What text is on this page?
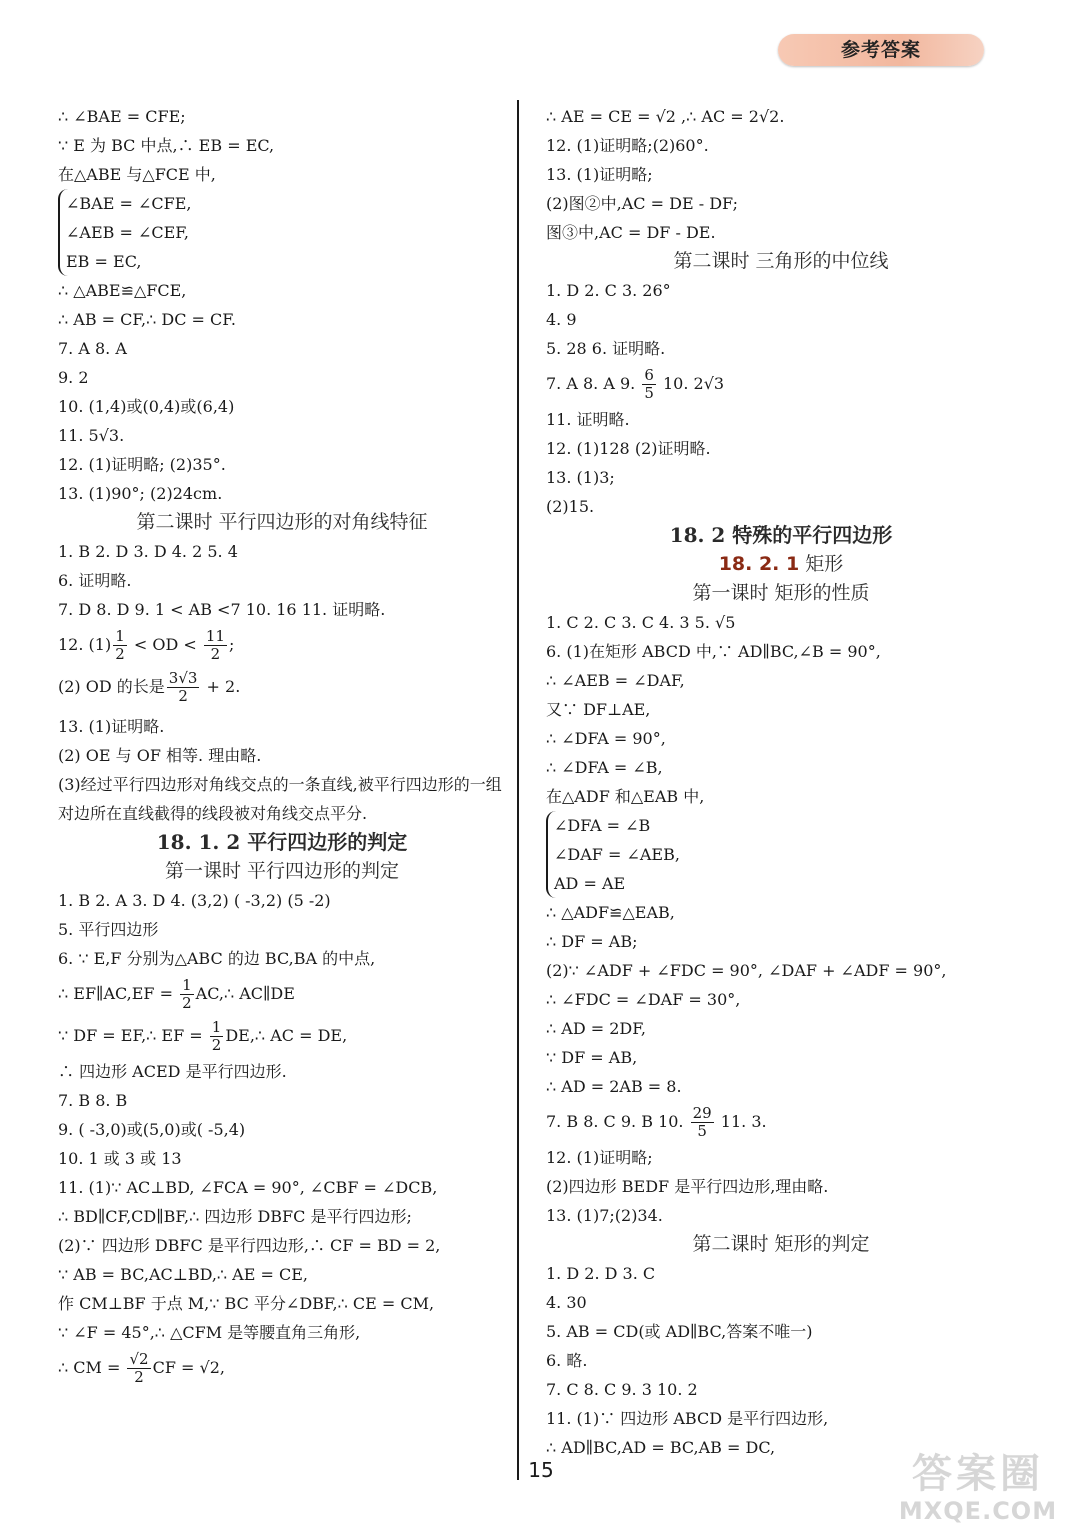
参考答案
∴ ∠BAE = CFE;
∵ E 为 BC 中点,∴ EB = EC,
在△ABE 与△FCE 中,
∠BAE = ∠CFE,
∠AEB = ∠CEF,
EB = EC,
∴ △ABE≌△FCE,
∴ AB = CF,∴ DC = CF.
7. A 8. A
9. 2
10. (1,4)或(0,4)或(6,4)
11. 5√3.
12. (1)证明略; (2)35°.
13. (1)90°; (2)24cm.
第二课时 平行四边形的对角线特征
1. B 2. D 3. D 4. 2 5. 4
6. 证明略.
7. D 8. D 9. 1 < AB <7 10. 16 11. 证明略.
12. $(1) \frac{1}{2}$ < OD < $\frac{11}{2}$ ;
(2) OD 的长是 $\frac{3√3}{2} + 2$.
13. (1)证明略.
(2) OE 与 OF 相等. 理由略.
(3)经过平行四边形对角线交点的一条直线,被平行四边形的一组对边所在直线截得的线段被对角线交点平分.
18. 1. 2 平行四边形的判定
第一课时 平行四边形的判定
1. B 2. A 3. D 4. (3,2) ( -3,2) (5 -2)
5. 平行四边形
6. ∵ E,F 分别为△ABC 的边 BC,BA 的中点,
∴ EF∥AC,EF = $\frac{1}{2}$ AC,∴ AC∥DE
∵ DF = EF,∴ EF = $\frac{1}{2}$ DE,∴ AC = DE,
∴ 四边形 ACED 是平行四边形.
7. B 8. B
9. ( -3,0)或(5,0)或( -5,4)
10. 1 或 3 或 13
11. (1)∵ AC⊥BD, ∠FCA = 90°, ∠CBF = ∠DCB,
∴ BD∥CF,CD∥BF,∴ 四边形 DBFC 是平行四边形;
(2)∵ 四边形 DBFC 是平行四边形,∴ CF = BD = 2,
∵ AB = BC,AC⊥BD,∴ AE = CE,
作 CM⊥BF 于点 M,∵ BC 平分∠DBF,∴ CE = CM,
∵ ∠F = 45°,∴ △CFM 是等腰直角三角形,
∴ CM = $\frac{√2}{2}$ CF = √2,
∴ AE = CE = √2 ,∴ AC = 2√2.
12. (1)证明略;(2)60°.
13. (1)证明略;
(2)图②中,AC = DE - DF;
图③中,AC = DF - DE.
第二课时 三角形的中位线
1. D 2. C 3. 26°
4. 9
5. 28 6. 证明略.
7. A 8. A 9. $\frac{6}{5} 10$. 2√3
11. 证明略.
12. (1)128 (2)证明略.
13. (1)3;
(2)15.
18. 2 特殊的平行四边形
18. 2. 1 矩形
第一课时 矩形的性质
1. C 2. C 3. C 4. 3 5. √5
6. (1)在矩形 ABCD 中,∵ AD∥BC,∠B = 90°,
∴ ∠AEB = ∠DAF,
又∵ DF⊥AE,
∴ ∠DFA = 90°,
∴ ∠DFA = ∠B,
在△ADF 和△EAB 中,
∠DFA = ∠B
∠DAF = ∠AEB,
AD = AE
∴ △ADF≌△EAB,
∴ DF = AB;
(2)∵ ∠ADF + ∠FDC = 90°, ∠DAF + ∠ADF = 90°,
∴ ∠FDC = ∠DAF = 30°,
∴ AD = 2DF,
∵ DF = AB,
∴ AD = 2AB = 8.
7. B 8. C 9. B 10. $\frac{29}{5} 11$. 3.
12. (1)证明略;
(2)四边形 BEDF 是平行四边形,理由略.
13. (1)7;(2)34.
第二课时 矩形的判定
1. D 2. D 3. C
4. 30
5. AB = CD(或 AD∥BC,答案不唯一)
6. 略.
7. C 8. C 9. 3 10. 2
11. (1)∵ 四边形 ABCD 是平行四边形,
∴ AD∥BC,AD = BC,AB = DC,
15	答案圈
MXQE.COM
